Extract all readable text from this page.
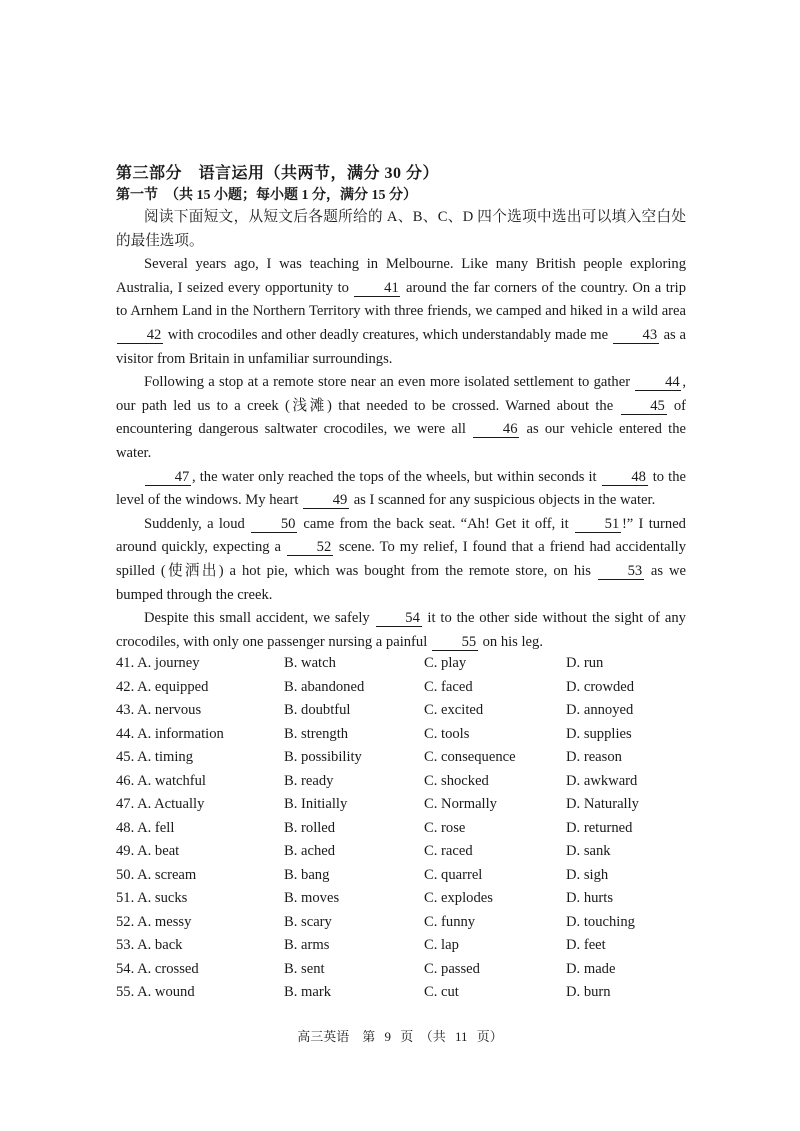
第三部分　语言运用（共两节，满分 30 分）
第一节　（共 15 小题；每小题 1 分，满分 15 分）

阅读下面短文，从短文后各题所给的 A、B、C、D 四个选项中选出可以填入空白处的最佳选项。

Several years ago, I was teaching in Melbourne. Like many British people exploring Australia, I seized every opportunity to 41 around the far corners of the country. On a trip to Arnhem Land in the Northern Territory with three friends, we camped and hiked in a wild area 42 with crocodiles and other deadly creatures, which understandably made me 43 as a visitor from Britain in unfamiliar surroundings.

Following a stop at a remote store near an even more isolated settlement to gather 44 , our path led us to a creek (浅滩) that needed to be crossed. Warned about the	45 of encountering dangerous saltwater crocodiles, we were all	46 as our vehicle entered the water.

47 , the water only reached the tops of the wheels, but within seconds it 48 to the level of the windows. My heart 49 as I scanned for any suspicious objects in the water.

Suddenly, a loud 50 came from the back seat. “Ah! Get it off, it 51 !” I turned around quickly, expecting a 52 scene. To my relief, I found that a friend had accidentally spilled (使洒出) a hot pie, which was bought from the remote store, on his	53 as we bumped through the creek.

Despite this small accident, we safely 54 it to the other side without the sight of any crocodiles, with only one passenger nursing a painful 55 on his leg.

41. A. journey	B. watch	C. play	D. run
42. A. equipped	B. abandoned	C. faced	D. crowded
43. A. nervous	B. doubtful	C. excited	D. annoyed
44. A. information	B. strength	C. tools	D. supplies
45. A. timing	B. possibility	C. consequence	D. reason
46. A. watchful	B. ready	C. shocked	D. awkward
47. A. Actually	B. Initially	C. Normally	D. Naturally
48. A. fell	B. rolled	C. rose	D. returned
49. A. beat	B. ached	C. raced	D. sank
50. A. scream	B. bang	C. quarrel	D. sigh
51. A. sucks	B. moves	C. explodes	D. hurts
52. A. messy	B. scary	C. funny	D. touching
53. A. back	B. arms	C. lap	D. feet
54. A. crossed	B. sent	C. passed	D. made
55. A. wound	B. mark	C. cut	D. burn
高三英语　第 9 页　（共 11 页）
